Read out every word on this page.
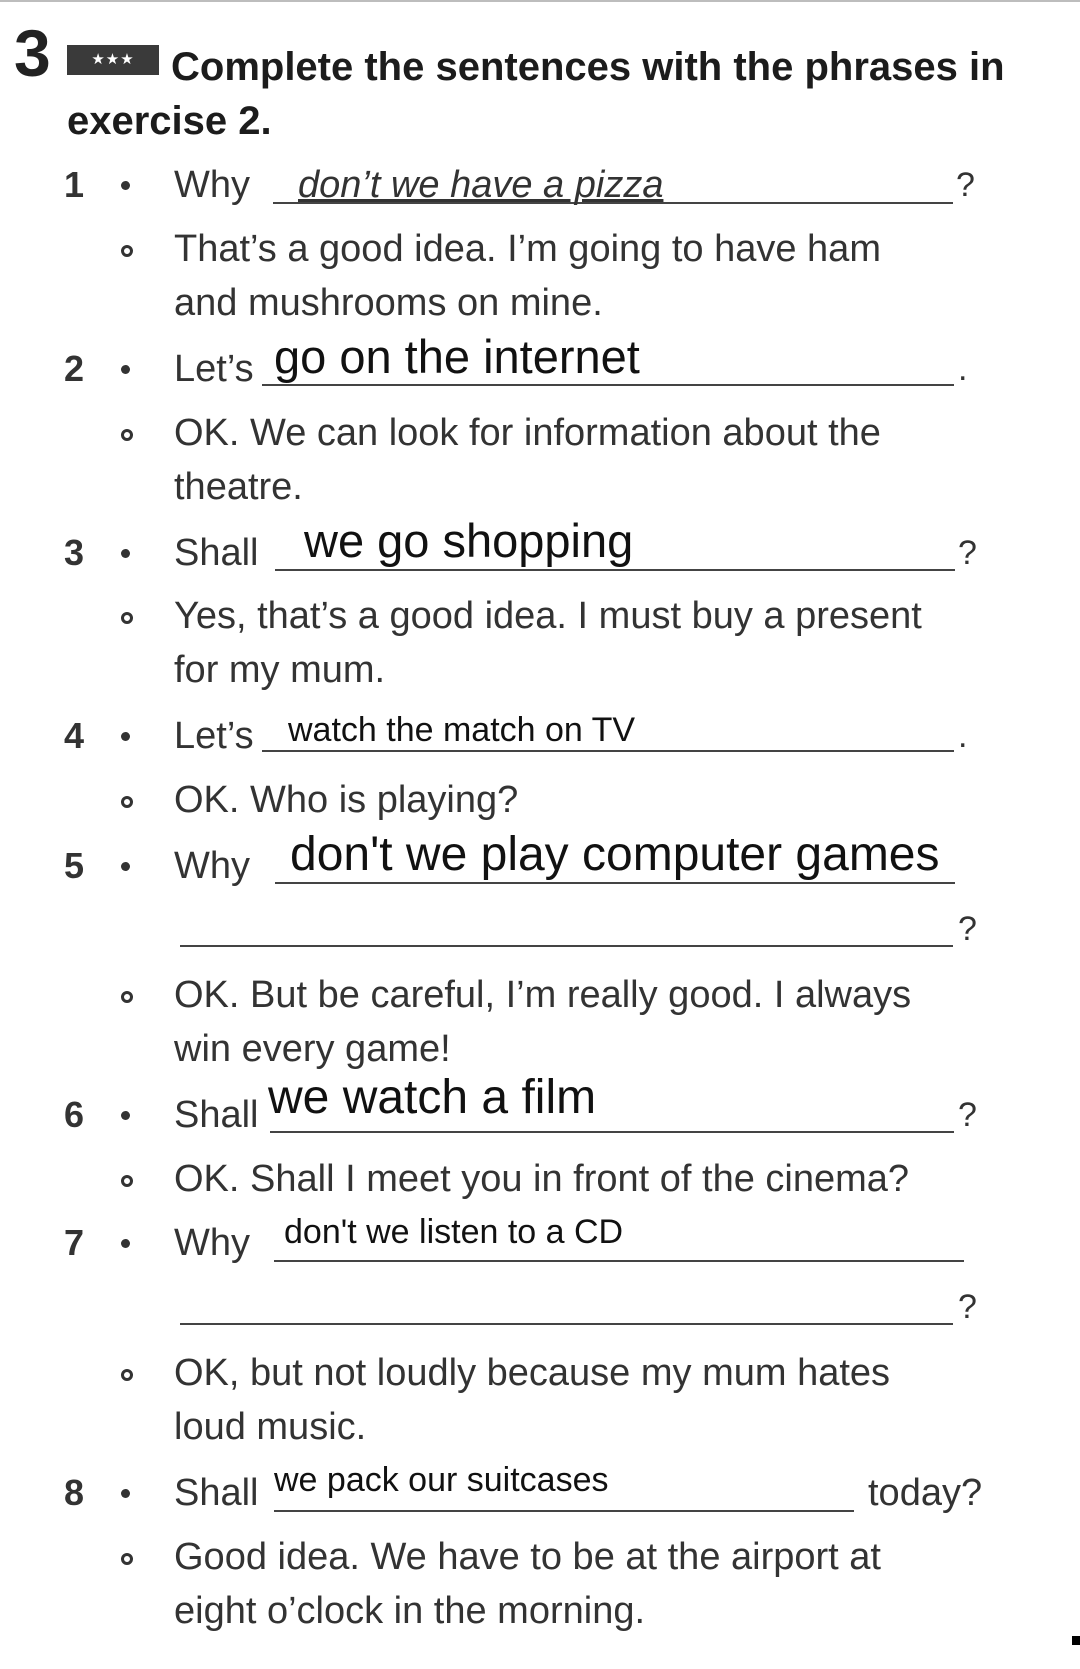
3	Complete the sentences with the phrases in exercise 2.

★★★
1 Why don’t we have a pizza	?
That’s a good idea. I’m going to have ham
and mushrooms on mine.
2 Let’s go on the internet	.
OK. We can look for information about the
theatre.
3 Shall we go shopping	?
Yes, that’s a good idea. I must buy a present
for my mum.
4 Let’s watch the match on TV	.
OK. Who is playing?
5 Why don't we play computer games
?
OK. But be careful, I’m really good. I always
win every game!
6 Shall we watch a film	?
OK. Shall I meet you in front of the cinema?
7 Why don't we listen to a CD
?
OK, but not loudly because my mum hates
loud music.
8 Shall we pack our suitcases	today?
Good idea. We have to be at the airport at
eight o’clock in the morning.
